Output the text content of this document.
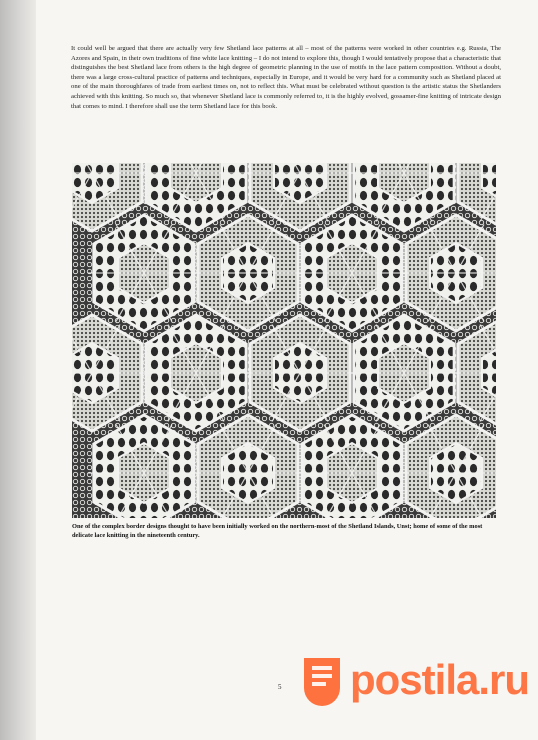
It could well be argued that there are actually very few Shetland lace patterns at all – most of the patterns were worked in other countries e.g. Russia, The Azores and Spain, in their own traditions of fine white lace knitting – I do not intend to explore this, though I would tentatively propose that a characteristic that distinguishes the best Shetland lace from others is the high degree of geometric planning in the use of motifs in the lace pattern composition. Without a doubt, there was a large cross-cultural practice of patterns and techniques, especially in Europe, and it would be very hard for a community such as Shetland placed at one of the main thoroughfares of trade from earliest times on, not to reflect this. What must be celebrated without question is the artistic status the Shetlanders achieved with this knitting. So much so, that whenever Shetland lace is commonly referred to, it is the highly evolved, gossamer-fine knitting of intricate design that comes to mind. I therefore shall use the term Shetland lace for this book.

One of the complex border designs thought to have been initially worked on the northern-most of the Shetland Islands, Unst; home of some of the most delicate lace knitting in the nineteenth century.

5 postila.ru
